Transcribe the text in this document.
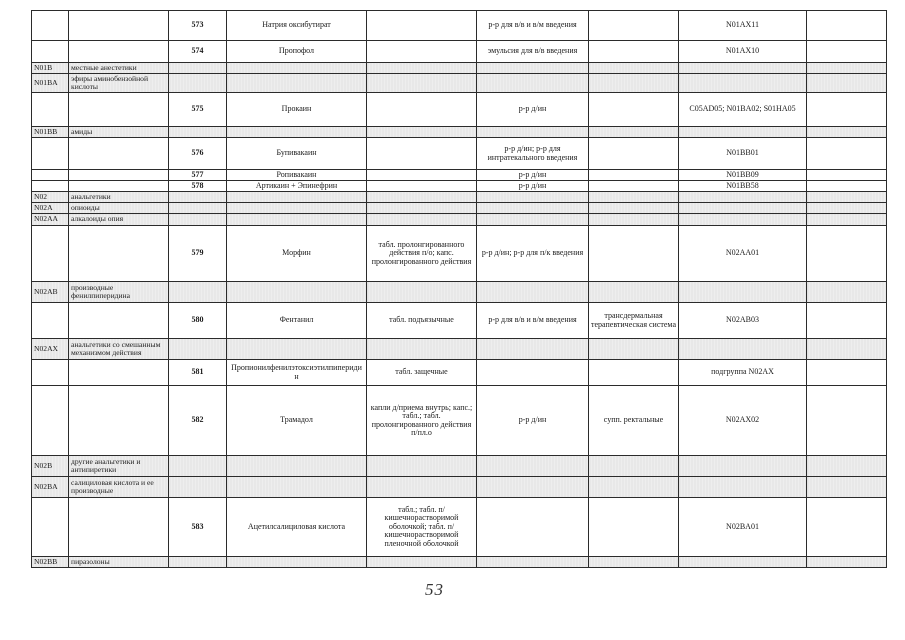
		573	Натрия оксибутират		р-р для в/в и в/м введения		N01AX11	
		574	Пропофол		эмульсия для в/в введения		N01AX10	
N01B	местные анестетики							
N01BA	эфиры аминобензойной кислоты							
		575	Прокаин		р-р д/ин		C05AD05; N01BA02; S01HA05	
N01BB	амиды							
		576	Бупивакаин		р-р д/ин; р-р для интратекального введения		N01BB01	
		577	Ропивакаин		р-р д/ин		N01BB09	
		578	Артикаин + Эпинефрин		р-р д/ин		N01BB58	
N02	анальгетики							
N02A	опиоиды							
N02AA	алкалоиды опия							
		579	Морфин	табл. пролонгированного действия п/о; капс. пролонгированного действия	р-р д/ин; р-р для п/к введения		N02AA01	
N02AB	производные фенилпиперидина							
		580	Фентанил	табл. подъязычные	р-р для в/в и в/м введения	трансдермальная терапевтическая система	N02AB03	
N02AX	анальгетики со смешанным механизмом действия							
		581	Пропионилфенилэтоксиэтилпиперидин	табл. защечные			подгруппа N02AX	
		582	Трамадол	капли д/приема внутрь; капс.; табл.; табл. пролонгированного действия п/пл.о	р-р д/ин	супп. ректальные	N02AX02	
N02B	другие анальгетики и антипиретики							
N02BA	салициловая кислота и ее производные							
		583	Ацетилсалициловая кислота	табл.; табл. п/кишечнорастворимой оболочкой; табл. п/кишечнорастворимой пленочной оболочкой			N02BA01	
N02BB	пиразолоны							
53
